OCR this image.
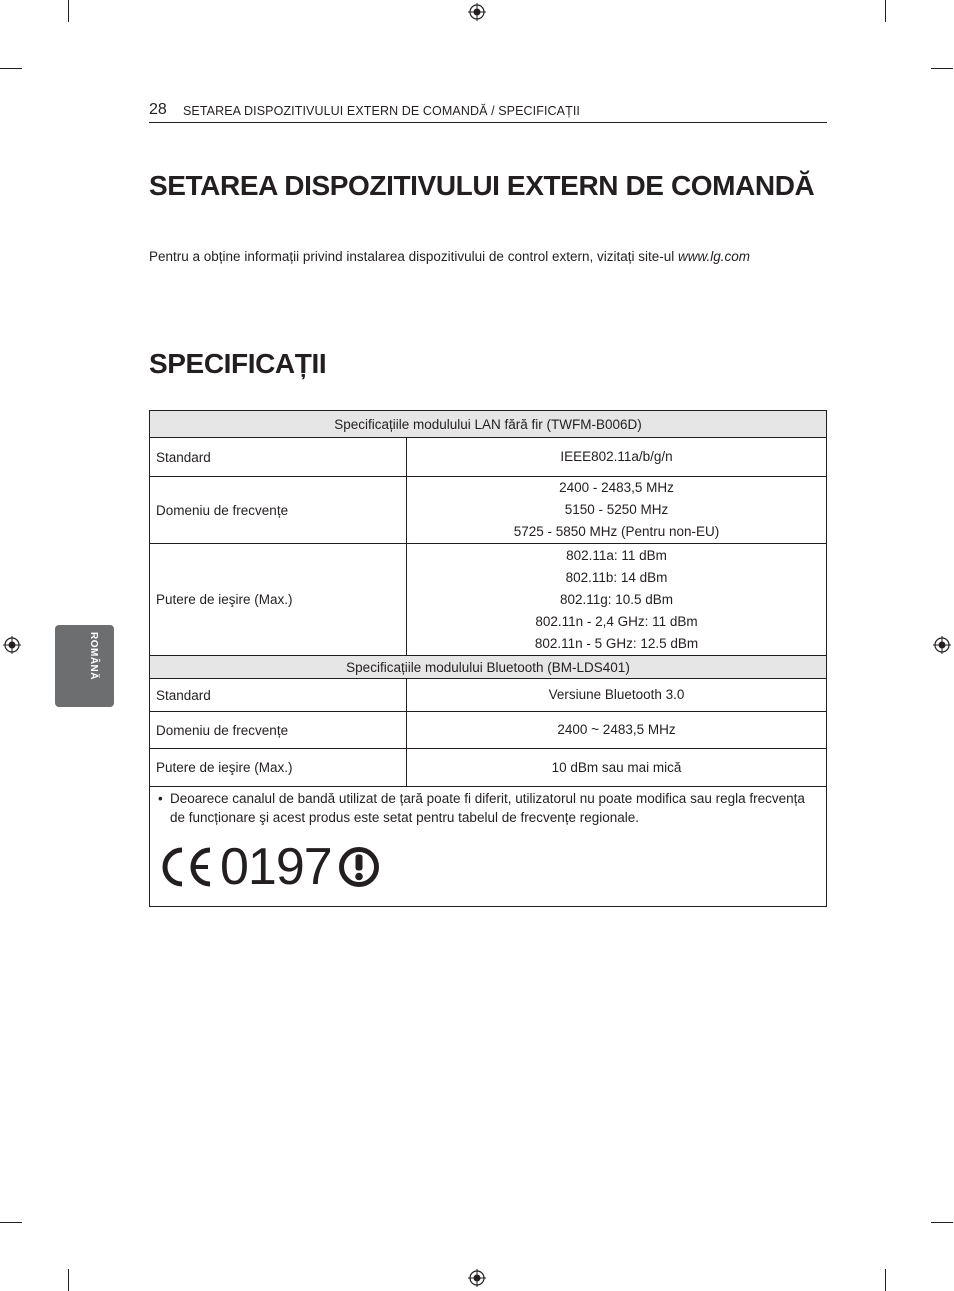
28 SETAREA DISPOZITIVULUI EXTERN DE COMANDĂ / SPECIFICAȚII
SETAREA DISPOZITIVULUI EXTERN DE COMANDĂ

Pentru a obține informații privind instalarea dispozitivului de control extern, vizitați site-ul www.lg.com

SPECIFICAȚII
Specificațiile modulului LAN fără fir (TWFM-B006D)	
Standard	IEEE802.11a/b/g/n

Domeniu de frecvențe	2400 - 2483,5 MHz
5150 - 5250 MHz
5725 - 5850 MHz (Pentru non-EU)

Putere de ieşire (Max.)	802.11a: 11 dBm
802.11b: 14 dBm
802.11g: 10.5 dBm
802.11n - 2,4 GHz: 11 dBm
802.11n - 5 GHz: 12.5 dBm

Specificațiile modulului Bluetooth (BM-LDS401)	
Standard	Versiune Bluetooth 3.0
Domeniu de frecvențe	2400 ~ 2483,5 MHz
Putere de ieşire (Max.)	10 dBm sau mai mică

• Deoarece canalul de bandă utilizat de țară poate fi diferit, utilizatorul nu poate modifica sau regla frecvența de funcționare şi acest produs este setat pentru tabelul de frecvențe regionale.
0197	
ROMÂNĂ
